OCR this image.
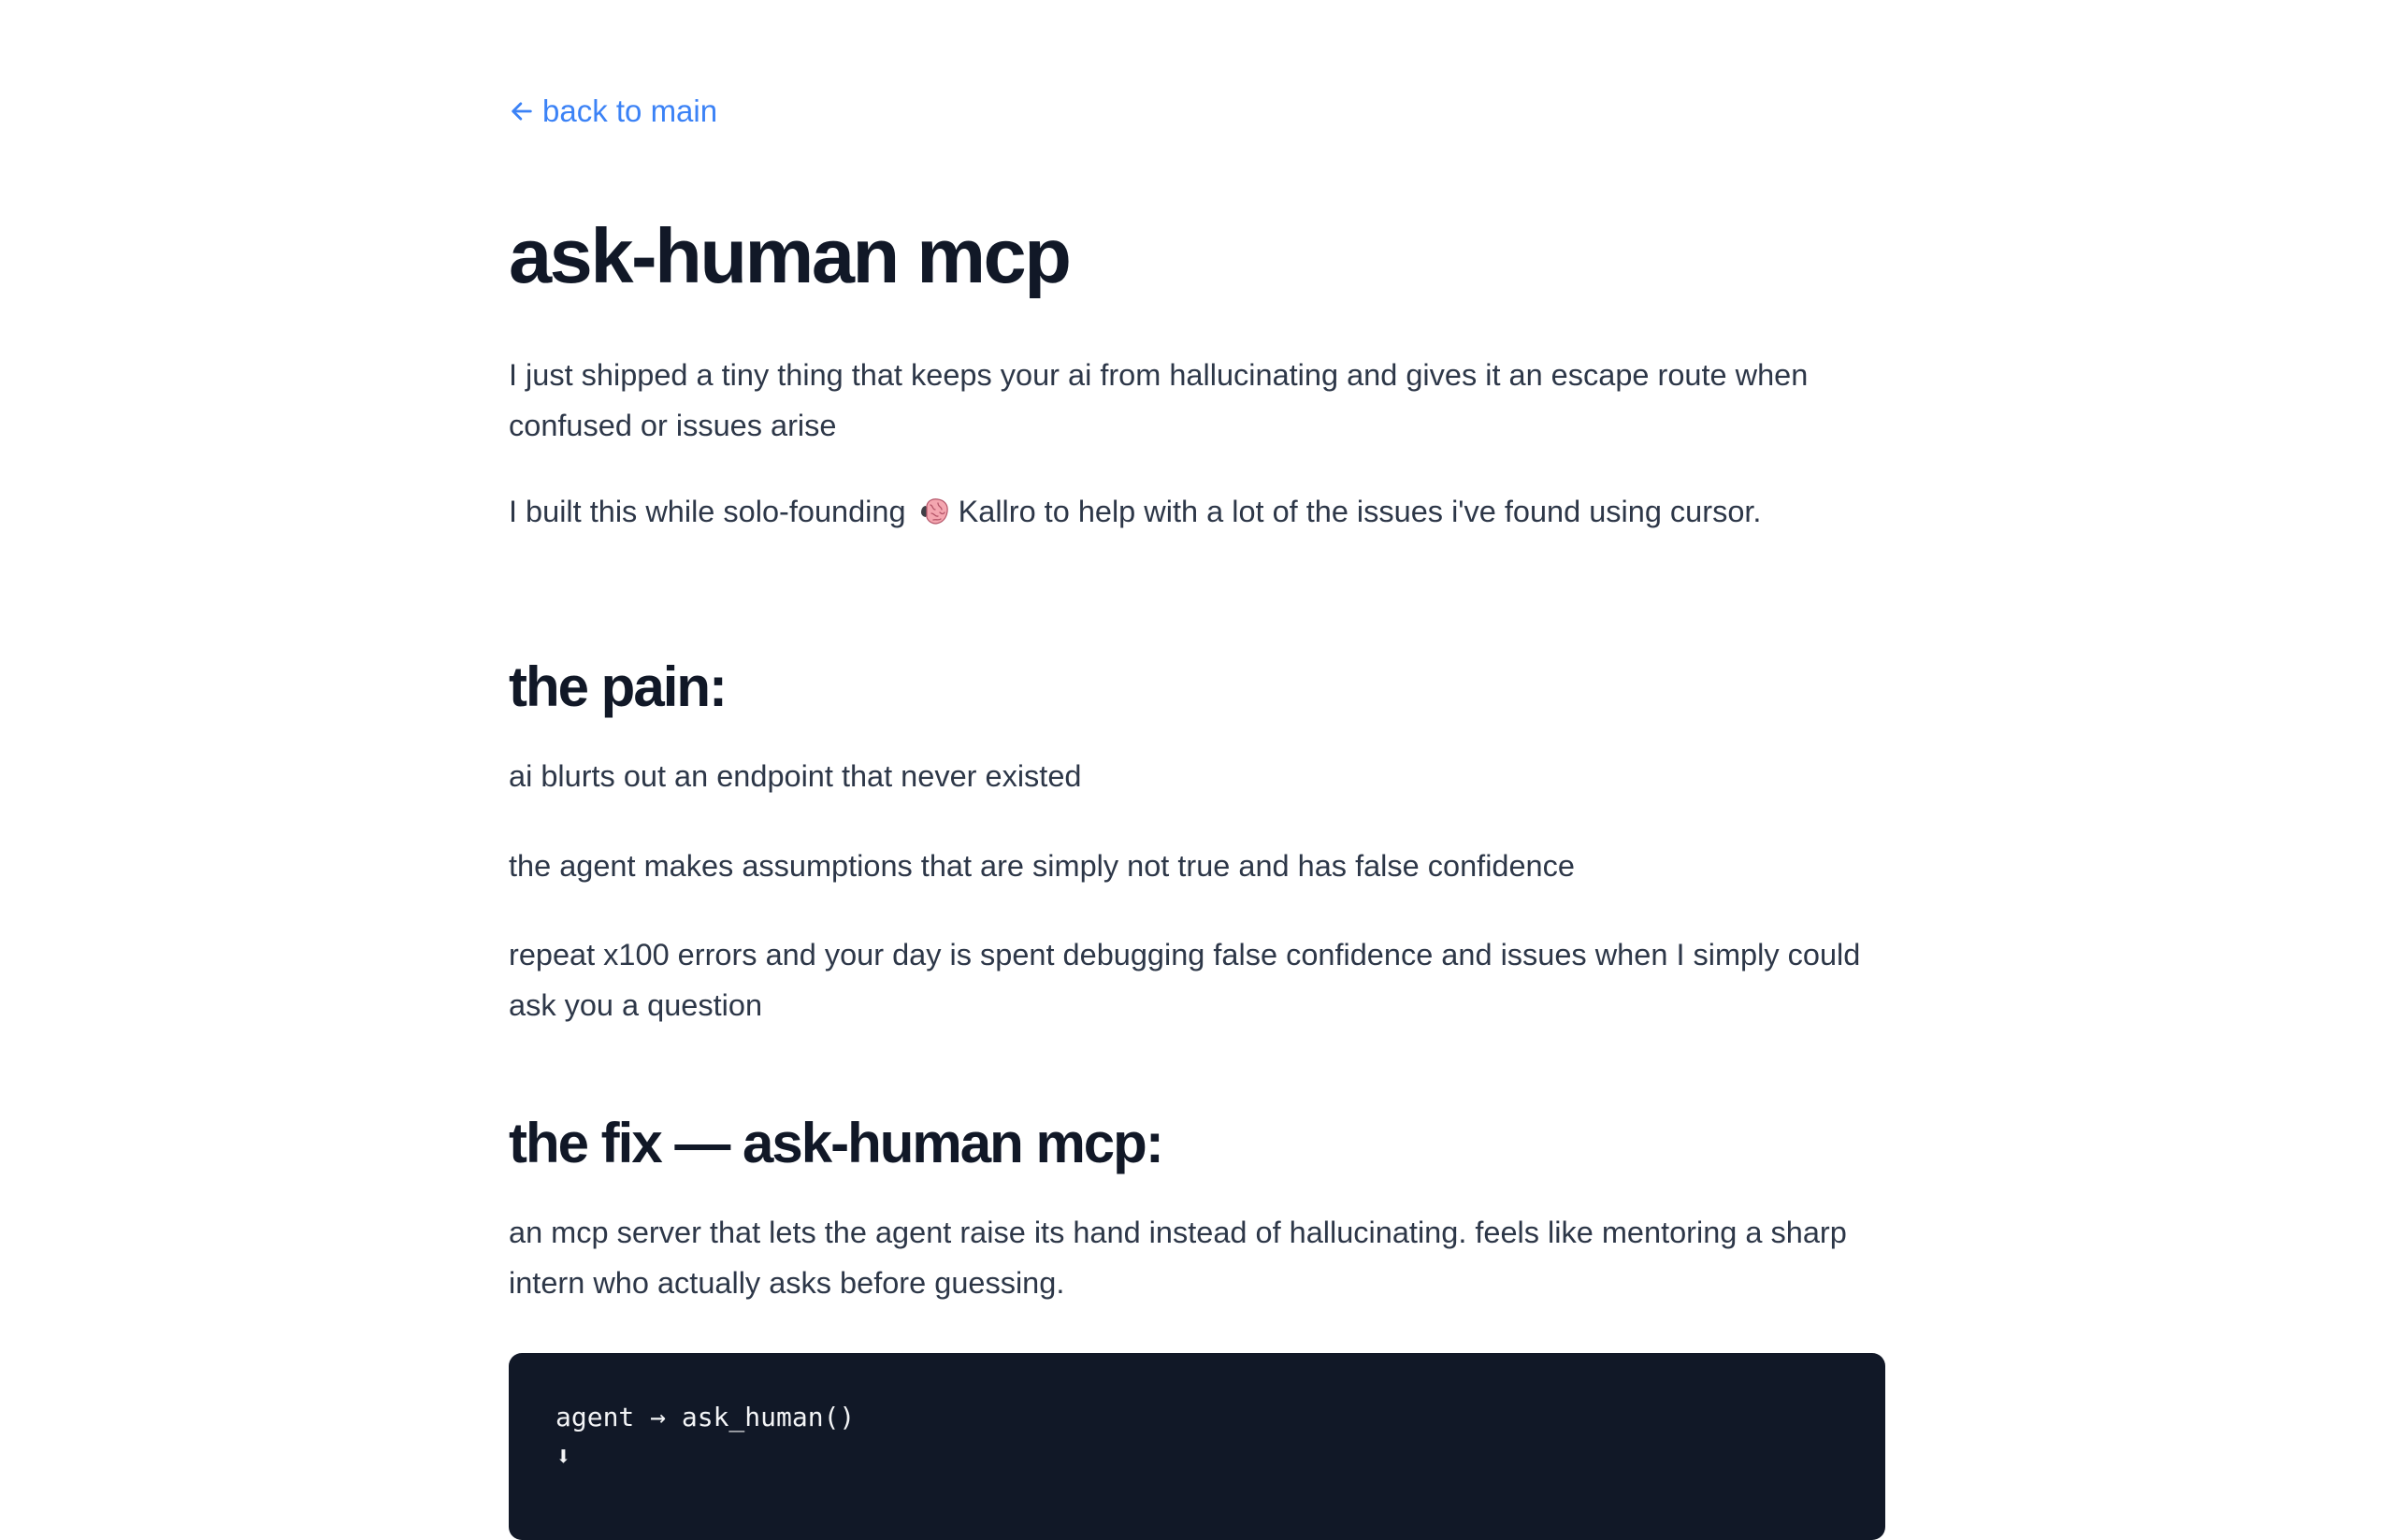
back to main
ask-human mcp

I just shipped a tiny thing that keeps your ai from hallucinating and gives it an escape route when confused or issues arise

I built this while solo-founding Kallro to help with a lot of the issues i've found using cursor.

the pain:

ai blurts out an endpoint that never existed

the agent makes assumptions that are simply not true and has false confidence

repeat x100 errors and your day is spent debugging false confidence and issues when I simply could ask you a question

the fix — ask-human mcp:

an mcp server that lets the agent raise its hand instead of hallucinating. feels like mentoring a sharp intern who actually asks before guessing.

agent → ask_human()
⬇
